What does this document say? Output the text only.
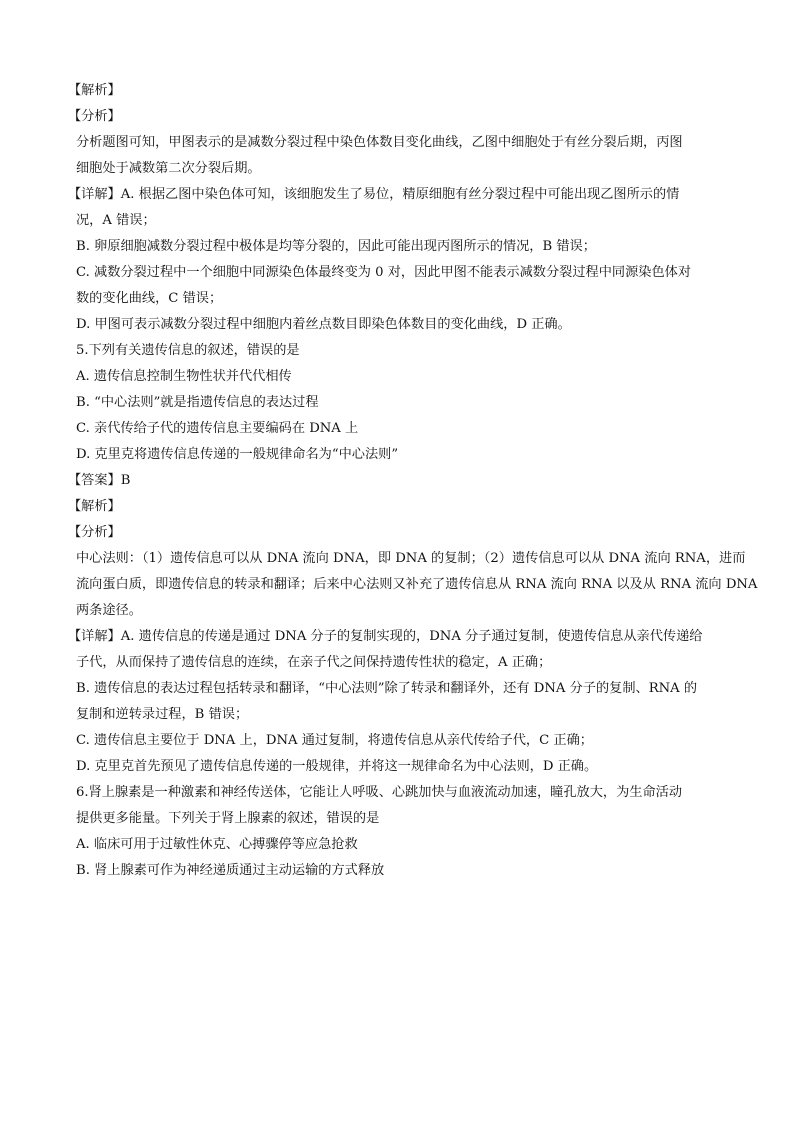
【解析】

【分析】

分析题图可知，甲图表示的是减数分裂过程中染色体数目变化曲线，乙图中细胞处于有丝分裂后期，丙图

细胞处于减数第二次分裂后期。

【详解】A. 根据乙图中染色体可知，该细胞发生了易位，精原细胞有丝分裂过程中可能出现乙图所示的情

况，A 错误；

B. 卵原细胞减数分裂过程中极体是均等分裂的，因此可能出现丙图所示的情况，B 错误；

C. 减数分裂过程中一个细胞中同源染色体最终变为 0 对，因此甲图不能表示减数分裂过程中同源染色体对

数的变化曲线，C 错误；

D. 甲图可表示减数分裂过程中细胞内着丝点数目即染色体数目的变化曲线，D 正确。

5.下列有关遗传信息的叙述，错误的是

A. 遗传信息控制生物性状并代代相传

B. “中心法则”就是指遗传信息的表达过程

C. 亲代传给子代的遗传信息主要编码在 DNA 上

D. 克里克将遗传信息传递的一般规律命名为“中心法则”

【答案】B

【解析】

【分析】

中心法则：（1）遗传信息可以从 DNA 流向 DNA，即 DNA 的复制；（2）遗传信息可以从 DNA 流向 RNA，进而

流向蛋白质，即遗传信息的转录和翻译；后来中心法则又补充了遗传信息从 RNA 流向 RNA 以及从 RNA 流向 DNA

两条途径。

【详解】A. 遗传信息的传递是通过 DNA 分子的复制实现的，DNA 分子通过复制，使遗传信息从亲代传递给

子代，从而保持了遗传信息的连续，在亲子代之间保持遗传性状的稳定，A 正确；

B. 遗传信息的表达过程包括转录和翻译，“中心法则”除了转录和翻译外，还有 DNA 分子的复制、RNA 的

复制和逆转录过程，B 错误；

C. 遗传信息主要位于 DNA 上，DNA 通过复制，将遗传信息从亲代传给子代，C 正确；

D. 克里克首先预见了遗传信息传递的一般规律，并将这一规律命名为中心法则，D 正确。

6.肾上腺素是一种激素和神经传送体，它能让人呼吸、心跳加快与血液流动加速，瞳孔放大，为生命活动

提供更多能量。下列关于肾上腺素的叙述，错误的是

A. 临床可用于过敏性休克、心搏骤停等应急抢救

B. 肾上腺素可作为神经递质通过主动运输的方式释放
